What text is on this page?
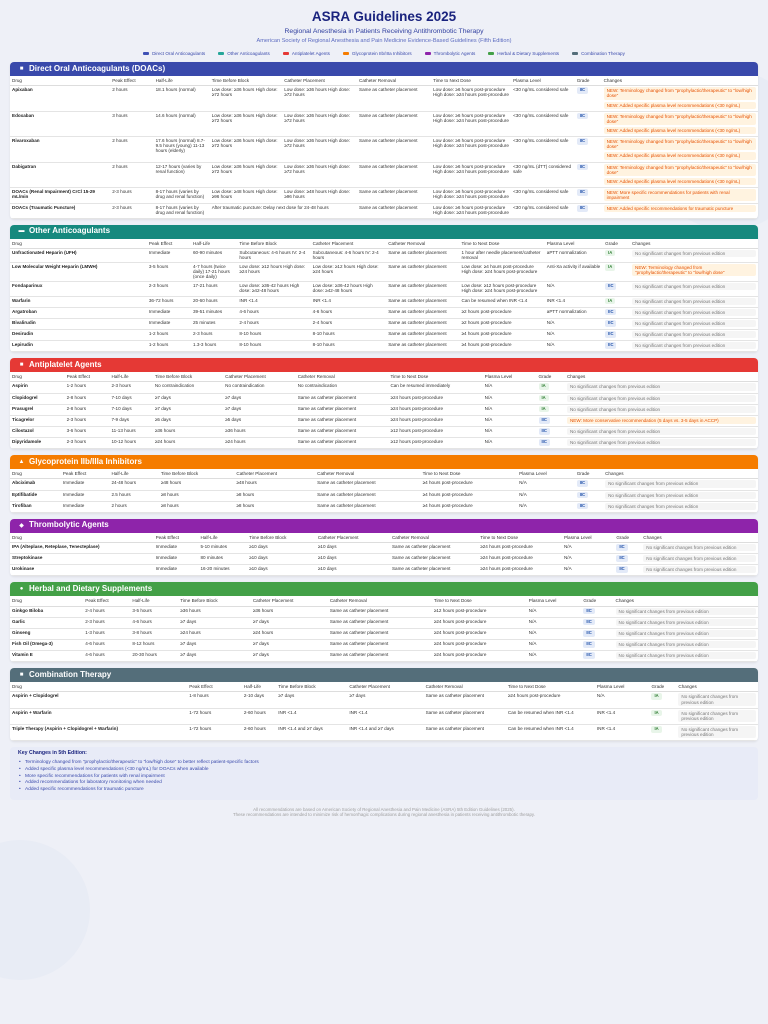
ASRA Guidelines 2025
Regional Anesthesia in Patients Receiving Antithrombotic Therapy
American Society of Regional Anesthesia and Pain Medicine Evidence-Based Guidelines (Fifth Edition)
Direct Oral Anticoagulants	Other Anticoagulants	Antiplatelet Agents	Glycoprotein IIb/IIIa Inhibitors	Thrombolytic Agents	Herbal & Dietary Supplements	Combination Therapy
■ Direct Oral Anticoagulants (DOACs)
Drug	Peak Effect	Half-Life	Time Before Block	Catheter Placement	Catheter Removal	Time to Next Dose	Plasma Level	Grade	Changes
Apixaban	2 hours	18.1 hours (normal)	Low dose: ≥36 hours High dose: ≥72 hours	Low dose: ≥36 hours High dose: ≥72 hours	Same as catheter placement	Low dose: ≥6 hours post-procedure High dose: ≥24 hours post-procedure	<30 ng/mL considered safe	IIC	NEW: Terminology changed from "prophylactic/therapeutic" to "low/high dose"
NEW: Added specific plasma level recommendations (<30 ng/mL)

Edoxaban	3 hours	14.6 hours (normal)	Low dose: ≥36 hours High dose: ≥72 hours	Low dose: ≥36 hours High dose: ≥72 hours	Same as catheter placement	Low dose: ≥6 hours post-procedure High dose: ≥24 hours post-procedure	<30 ng/mL considered safe	IIC	NEW: Terminology changed from "prophylactic/therapeutic" to "low/high dose"
NEW: Added specific plasma level recommendations (<30 ng/mL)

Rivaroxaban	2 hours	17.6 hours (normal) 8.7-9.5 hours (young) 11-13 hours (elderly)	Low dose: ≥36 hours High dose: ≥72 hours	Low dose: ≥36 hours High dose: ≥72 hours	Same as catheter placement	Low dose: ≥6 hours post-procedure High dose: ≥24 hours post-procedure	<30 ng/mL considered safe	IIC	NEW: Terminology changed from "prophylactic/therapeutic" to "low/high dose"
NEW: Added specific plasma level recommendations (<30 ng/mL)

Dabigatran	2 hours	12-17 hours (varies by renal function)	Low dose: ≥36 hours High dose: ≥72 hours	Low dose: ≥36 hours High dose: ≥72 hours	Same as catheter placement	Low dose: ≥6 hours post-procedure High dose: ≥24 hours post-procedure	<30 ng/mL (dTT) considered safe	IIC	NEW: Terminology changed from "prophylactic/therapeutic" to "low/high dose"
NEW: Added specific plasma level recommendations (<30 ng/mL)

DOACs (Renal Impairment) CrCl 15-29 mL/min	2-3 hours	8-17 hours (varies by drug and renal function)	Low dose: ≥48 hours High dose: ≥96 hours	Low dose: ≥48 hours High dose: ≥96 hours	Same as catheter placement	Low dose: ≥6 hours post-procedure High dose: ≥24 hours post-procedure	<30 ng/mL considered safe	IIC	NEW: More specific recommendations for patients with renal impairment

DOACs (Traumatic Puncture)	2-3 hours	8-17 hours (varies by drug and renal function)	After traumatic puncture: Delay next dose for 24-48 hours		Same as catheter placement	Low dose: ≥6 hours post-procedure High dose: ≥24 hours post-procedure	<30 ng/mL considered safe	IIC	NEW: Added specific recommendations for traumatic puncture
▬ Other Anticoagulants
Drug	Peak Effect	Half-Life	Time Before Block	Catheter Placement	Catheter Removal	Time to Next Dose	Plasma Level	Grade	Changes
Unfractionated Heparin (UFH)	Immediate	60-90 minutes	Subcutaneous: 4-6 hours IV: 2-4 hours	Subcutaneous: 4-6 hours IV: 2-4 hours	Same as catheter placement	1 hour after needle placement/catheter removal	aPTT normalization	IA	No significant changes from previous edition

Low Molecular Weight Heparin (LMWH)	3-5 hours	4-7 hours (twice daily) 17-21 hours (once daily)	Low dose: ≥12 hours High dose: ≥24 hours	Low dose: ≥12 hours High dose: ≥24 hours	Same as catheter placement	Low dose: ≥4 hours post-procedure High dose: ≥24 hours post-procedure	Anti-Xa activity if available	IA	NEW: Terminology changed from "prophylactic/therapeutic" to "low/high dose"

Fondaparinux	2-3 hours	17-21 hours	Low dose: ≥36-42 hours High dose: ≥42-48 hours	Low dose: ≥36-42 hours High dose: ≥42-48 hours	Same as catheter placement	Low dose: ≥12 hours post-procedure High dose: ≥24 hours post-procedure	N/A	IIC	No significant changes from previous edition

Warfarin	36-72 hours	20-60 hours	INR <1.4	INR <1.4	Same as catheter placement	Can be resumed when INR <1.4	INR <1.4	IA	No significant changes from previous edition

Argatroban	Immediate	39-51 minutes	4-6 hours	4-6 hours	Same as catheter placement	≥2 hours post-procedure	aPTT normalization	IIC	No significant changes from previous edition

Bivalirudin	Immediate	25 minutes	2-4 hours	2-4 hours	Same as catheter placement	≥2 hours post-procedure	N/A	IIC	No significant changes from previous edition

Desirudin	1-2 hours	2-3 hours	8-10 hours	8-10 hours	Same as catheter placement	≥4 hours post-procedure	N/A	IIC	No significant changes from previous edition

Lepirudin	1-2 hours	1.3-3 hours	8-10 hours	8-10 hours	Same as catheter placement	≥4 hours post-procedure	N/A	IIC	No significant changes from previous edition
■ Antiplatelet Agents
Drug	Peak Effect	Half-Life	Time Before Block	Catheter Placement	Catheter Removal	Time to Next Dose	Plasma Level	Grade	Changes
Aspirin	1-2 hours	2-3 hours	No contraindication	No contraindication	No contraindication	Can be resumed immediately	N/A	IA	No significant changes from previous edition

Clopidogrel	2-8 hours	7-10 days	≥7 days	≥7 days	Same as catheter placement	≥24 hours post-procedure	N/A	IA	No significant changes from previous edition

Prasugrel	2-8 hours	7-10 days	≥7 days	≥7 days	Same as catheter placement	≥24 hours post-procedure	N/A	IA	No significant changes from previous edition

Ticagrelor	2-3 hours	7-9 days	≥5 days	≥5 days	Same as catheter placement	≥24 hours post-procedure	N/A	IIC	NEW: More conservative recommendation (5 days vs. 3-5 days in ACCP)

Cilostazol	3-6 hours	11-13 hours	≥36 hours	≥36 hours	Same as catheter placement	≥12 hours post-procedure	N/A	IIC	No significant changes from previous edition

Dipyridamole	2-3 hours	10-12 hours	≥24 hours	≥24 hours	Same as catheter placement	≥12 hours post-procedure	N/A	IIC	No significant changes from previous edition
▲ Glycoprotein IIb/IIIa Inhibitors
Drug	Peak Effect	Half-Life	Time Before Block	Catheter Placement	Catheter Removal	Time to Next Dose	Plasma Level	Grade	Changes
Abciximab	Immediate	24-48 hours	≥48 hours	≥48 hours	Same as catheter placement	≥4 hours post-procedure	N/A	IIC	No significant changes from previous edition

Eptifibatide	Immediate	2.5 hours	≥8 hours	≥8 hours	Same as catheter placement	≥4 hours post-procedure	N/A	IIC	No significant changes from previous edition

Tirofiban	Immediate	2 hours	≥8 hours	≥8 hours	Same as catheter placement	≥4 hours post-procedure	N/A	IIC	No significant changes from previous edition
◆ Thrombolytic Agents
Drug	Peak Effect	Half-Life	Time Before Block	Catheter Placement	Catheter Removal	Time to Next Dose	Plasma Level	Grade	Changes
IPA (Alteplase, Reteplase, Tenecteplase)	Immediate	5-10 minutes	≥10 days	≥10 days	Same as catheter placement	≥24 hours post-procedure	N/A	IIC	No significant changes from previous edition

Streptokinase	Immediate	80 minutes	≥10 days	≥10 days	Same as catheter placement	≥24 hours post-procedure	N/A	IIC	No significant changes from previous edition

Urokinase	Immediate	16-20 minutes	≥10 days	≥10 days	Same as catheter placement	≥24 hours post-procedure	N/A	IIC	No significant changes from previous edition
● Herbal and Dietary Supplements
Drug	Peak Effect	Half-Life	Time Before Block	Catheter Placement	Catheter Removal	Time to Next Dose	Plasma Level	Grade	Changes
Ginkgo Biloba	2-4 hours	3-5 hours	≥36 hours	≥36 hours	Same as catheter placement	≥12 hours post-procedure	N/A	IIC	No significant changes from previous edition

Garlic	2-3 hours	4-6 hours	≥7 days	≥7 days	Same as catheter placement	≥24 hours post-procedure	N/A	IIC	No significant changes from previous edition

Ginseng	1-3 hours	3-8 hours	≥24 hours	≥24 hours	Same as catheter placement	≥24 hours post-procedure	N/A	IIC	No significant changes from previous edition

Fish Oil (Omega-3)	4-6 hours	8-12 hours	≥7 days	≥7 days	Same as catheter placement	≥24 hours post-procedure	N/A	IIC	No significant changes from previous edition

Vitamin E	4-6 hours	20-30 hours	≥7 days	≥7 days	Same as catheter placement	≥24 hours post-procedure	N/A	IIC	No significant changes from previous edition
■ Combination Therapy
Drug	Peak Effect	Half-Life	Time Before Block	Catheter Placement	Catheter Removal	Time to Next Dose	Plasma Level	Grade	Changes
Aspirin + Clopidogrel	1-8 hours	2-10 days	≥7 days	≥7 days	Same as catheter placement	≥24 hours post-procedure	N/A	IA	No significant changes from previous edition

Aspirin + Warfarin	1-72 hours	2-60 hours	INR <1.4	INR <1.4	Same as catheter placement	Can be resumed when INR <1.4	INR <1.4	IA	No significant changes from previous edition

Triple Therapy (Aspirin + Clopidogrel + Warfarin)	1-72 hours	2-60 hours	INR <1.4 and ≥7 days	INR <1.4 and ≥7 days	Same as catheter placement	Can be resumed when INR <1.4	INR <1.4	IA	No significant changes from previous edition
Key Changes in 5th Edition:
• Terminology changed from "prophylactic/therapeutic" to "low/high dose" to better reflect patient-specific factors
• Added specific plasma level recommendations (<30 ng/mL) for DOACs when available
• More specific recommendations for patients with renal impairment
• Added recommendations for laboratory monitoring when needed
• Added specific recommendations for traumatic puncture
All recommendations are based on American Society of Regional Anesthesia and Pain Medicine (ASRA) 5th Edition Guidelines (2025).
These recommendations are intended to minimize risk of hemorrhagic complications during regional anesthesia in patients receiving antithrombotic therapy.
